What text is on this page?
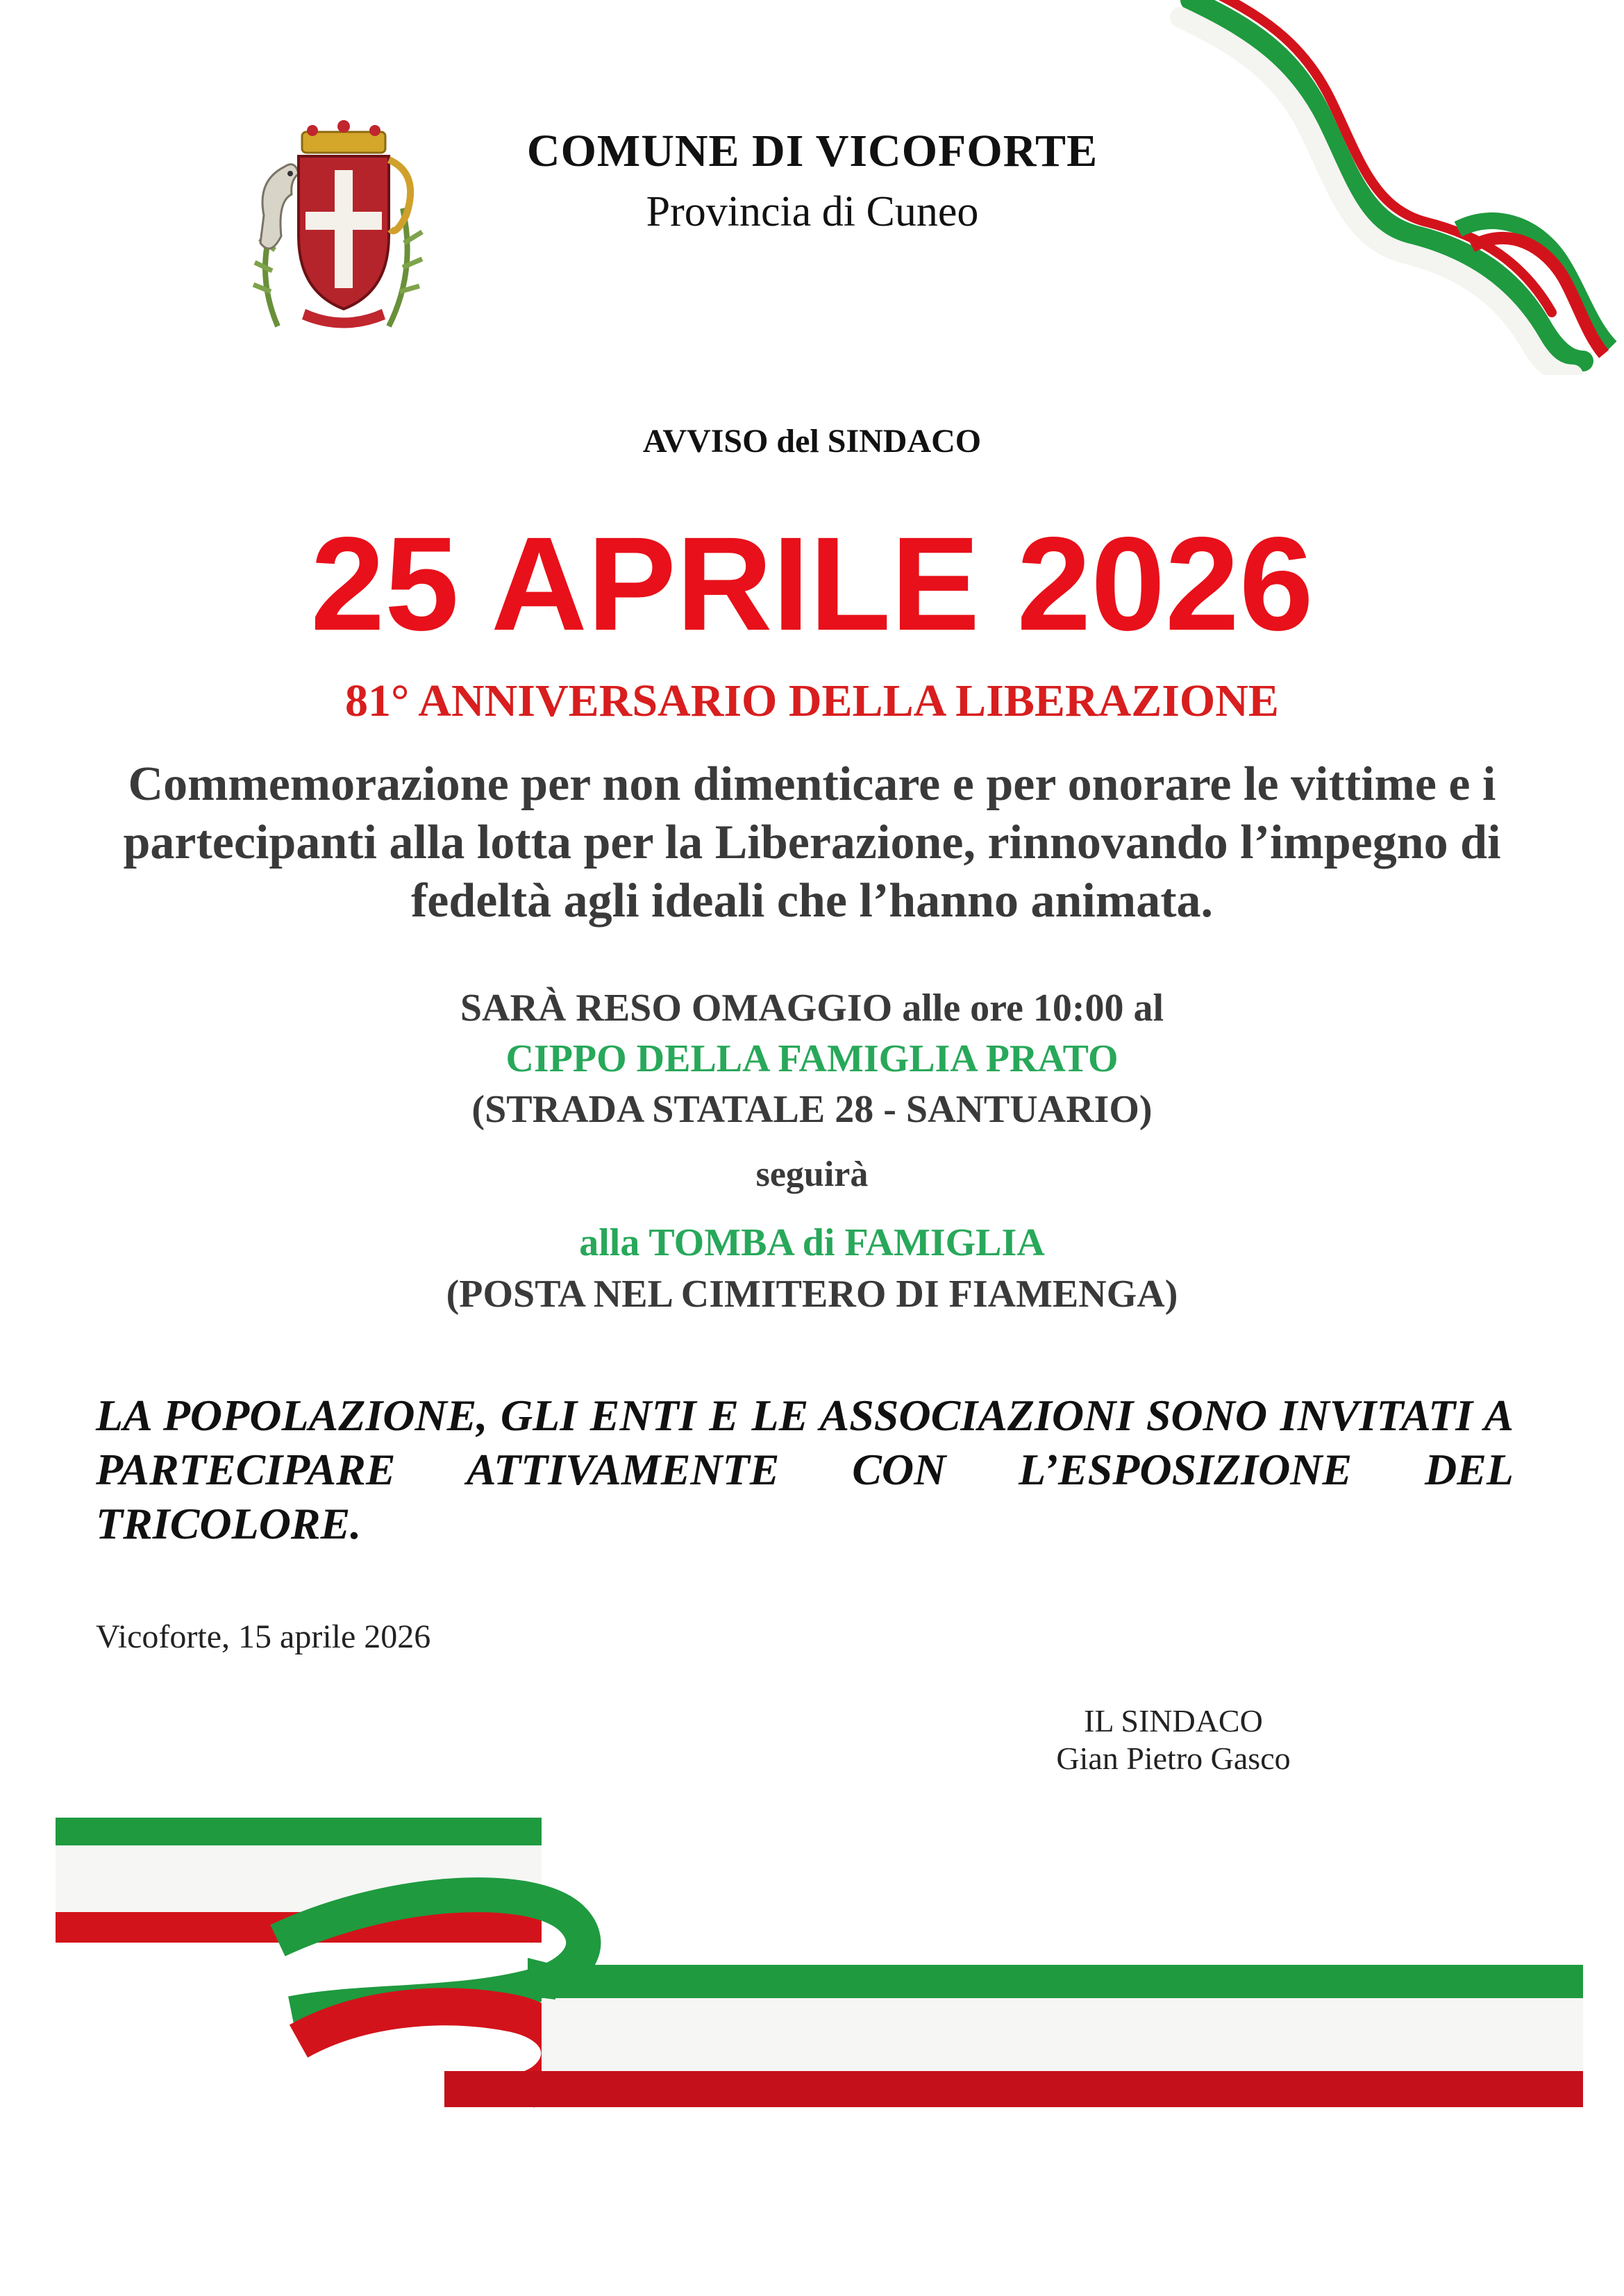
COMUNE DI VICOFORTE
Provincia di Cuneo
AVVISO del SINDACO
25 APRILE 2026
81° ANNIVERSARIO DELLA LIBERAZIONE
Commemorazione per non dimenticare e per onorare le vittime e i partecipanti alla lotta per la Liberazione, rinnovando l’impegno di fedeltà agli ideali che l’hanno animata.
SARÀ RESO OMAGGIO alle ore 10:00 al
CIPPO DELLA FAMIGLIA PRATO
(STRADA STATALE 28 - SANTUARIO)
seguirà
alla TOMBA di FAMIGLIA
(POSTA NEL CIMITERO DI FIAMENGA)
LA POPOLAZIONE, GLI ENTI E LE ASSOCIAZIONI SONO INVITATI A PARTECIPARE ATTIVAMENTE CON L’ESPOSIZIONE DEL TRICOLORE.
Vicoforte, 15 aprile 2026
IL SINDACO
Gian Pietro Gasco
